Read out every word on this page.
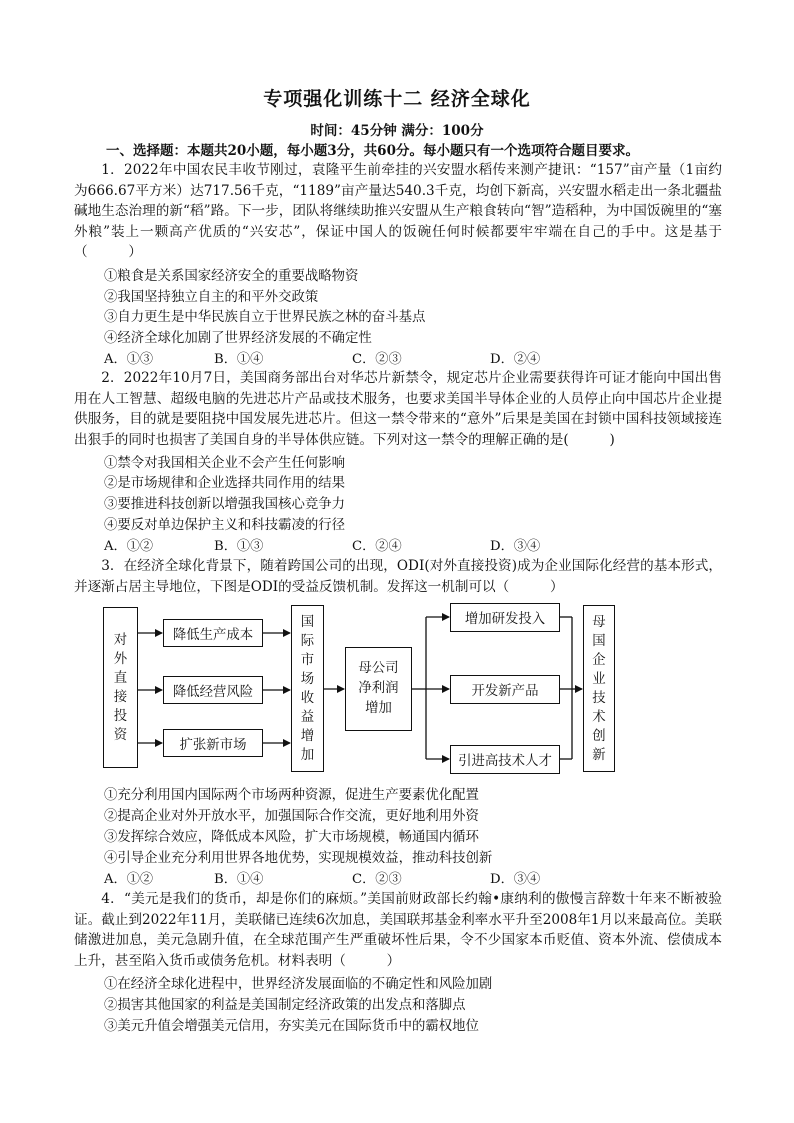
专项强化训练十二 经济全球化
时间：45分钟 满分：100分
一、选择题：本题共20小题，每小题3分，共60分。每小题只有一个选项符合题目要求。

1．2022年中国农民丰收节刚过，袁隆平生前牵挂的兴安盟水稻传来测产捷讯：“157”亩产量（1亩约为666.67平方米）达717.56千克，“1189”亩产量达540.3千克，均创下新高，兴安盟水稻走出一条北疆盐碱地生态治理的新“稻”路。下一步，团队将继续助推兴安盟从生产粮食转向“智”造稻种，为中国饭碗里的“塞外粮”装上一颗高产优质的“兴安芯”，保证中国人的饭碗任何时候都要牢牢端在自己的手中。这是基于（　　　）

①粮食是关系国家经济安全的重要战略物资

②我国坚持独立自主的和平外交政策

③自力更生是中华民族自立于世界民族之林的奋斗基点

④经济全球化加剧了世界经济发展的不确定性

A．①③	B．①④	C．②③	D．②④

2．2022年10月7日，美国商务部出台对华芯片新禁令，规定芯片企业需要获得许可证才能向中国出售用在人工智慧、超级电脑的先进芯片产品或技术服务，也要求美国半导体企业的人员停止向中国芯片企业提供服务，目的就是要阻挠中国发展先进芯片。但这一禁令带来的“意外”后果是美国在封锁中国科技领域接连出狠手的同时也损害了美国自身的半导体供应链。下列对这一禁令的理解正确的是(　　　)

①禁令对我国相关企业不会产生任何影响

②是市场规律和企业选择共同作用的结果

③要推进科技创新以增强我国核心竞争力

④要反对单边保护主义和科技霸凌的行径

A．①②	B．①③	C．②④	D．③④

3．在经济全球化背景下，随着跨国公司的出现，ODI(对外直接投资)成为企业国际化经营的基本形式，并逐渐占居主导地位，下图是ODI的受益反馈机制。发挥这一机制可以（　　　）

对外直接投资
降低生产成本
降低经营风险
扩张新市场
国际市场收益增加
母公司净利润增加
增加研发投入
开发新产品
引进高技术人才
母国企业技术创新

①充分利用国内国际两个市场两种资源，促进生产要素优化配置

②提高企业对外开放水平，加强国际合作交流，更好地利用外资

③发挥综合效应，降低成本风险，扩大市场规模，畅通国内循环

④引导企业充分利用世界各地优势，实现规模效益，推动科技创新

A．①②	B．①④	C．②③	D．③④

4．“美元是我们的货币，却是你们的麻烦。”美国前财政部长约翰•康纳利的傲慢言辞数十年来不断被验证。截止到2022年11月，美联储已连续6次加息，美国联邦基金利率水平升至2008年1月以来最高位。美联储激进加息，美元急剧升值，在全球范围产生严重破坏性后果，令不少国家本币贬值、资本外流、偿债成本上升，甚至陷入货币或债务危机。材料表明（　　　）

①在经济全球化进程中，世界经济发展面临的不确定性和风险加剧

②损害其他国家的利益是美国制定经济政策的出发点和落脚点

③美元升值会增强美元信用，夯实美元在国际货币中的霸权地位
